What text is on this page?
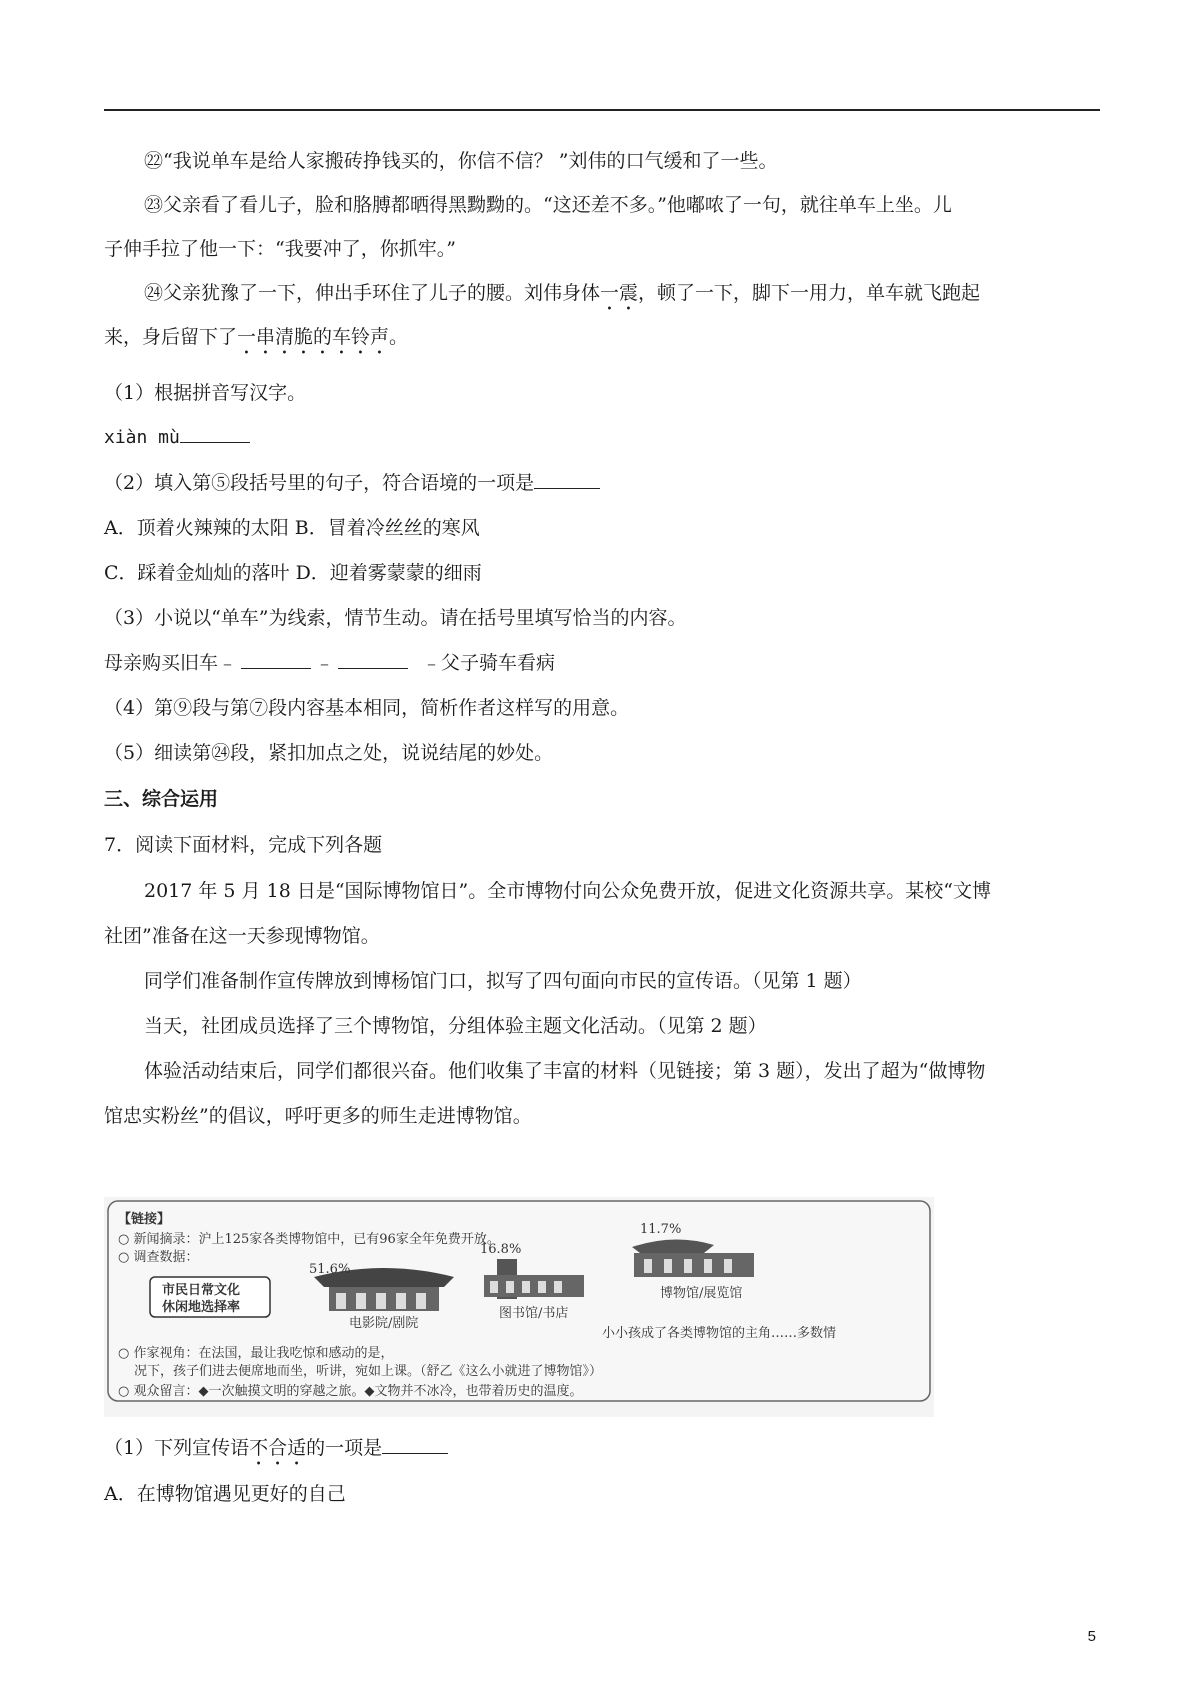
㉒“我说单车是给人家搬砖挣钱买的，你信不信？ ”刘伟的口气缓和了一些。
㉓父亲看了看儿子，脸和胳膊都晒得黑黝黝的。“这还差不多。”他嘟哝了一句，就往单车上坐。儿
子伸手拉了他一下：“我要冲了，你抓牢。”
㉔父亲犹豫了一下，伸出手环住了儿子的腰。刘伟身体一震，顿了一下，脚下一用力，单车就飞跑起
来，身后留下了一串清脆的车铃声。
（1）根据拼音写汉字。
xiàn mù
（2）填入第⑤段括号里的句子，符合语境的一项是
A．顶着火辣辣的太阳 B．冒着冷丝丝的寒风
C．踩着金灿灿的落叶 D．迎着雾蒙蒙的细雨
（3）小说以“单车”为线索，情节生动。请在括号里填写恰当的内容。
母亲购买旧车﹣	﹣	﹣父子骑车看病
（4）第⑨段与第⑦段内容基本相同，简析作者这样写的用意。
（5）细读第㉔段，紧扣加点之处，说说结尾的妙处。
三、综合运用
7．阅读下面材料，完成下列各题
2017 年 5 月 18 日是“国际博物馆日”。全市博物付向公众免费开放，促进文化资源共享。某校“文博
社团”准备在这一天参现博物馆。
同学们准备制作宣传牌放到博杨馆门口，拟写了四句面向市民的宣传语。（见第 1 题）
当天，社团成员选择了三个博物馆，分组体验主题文化活动。（见第 2 题）
体验活动结束后，同学们都很兴奋。他们收集了丰富的材料（见链接；第 3 题），发出了超为“做博物
馆忠实粉丝”的倡议，呼吁更多的师生走进博物馆。
【链接】
○ 新闻摘录：沪上125家各类博物馆中，已有96家全年免费开放。
○ 调查数据：
市民日常文化
休闲地选择率
51.6%
电影院/剧院
16.8%
图书馆/书店
11.7%
博物馆/展览馆
小小孩成了各类博物馆的主角……多数情
○ 作家视角：在法国，最让我吃惊和感动的是，
况下，孩子们进去便席地而坐，听讲，宛如上课。（舒乙《这么小就进了博物馆》）
○ 观众留言：◆一次触摸文明的穿越之旅。◆文物并不冰冷，也带着历史的温度。
（1）下列宣传语不合适的一项是
A．在博物馆遇见更好的自己
5
